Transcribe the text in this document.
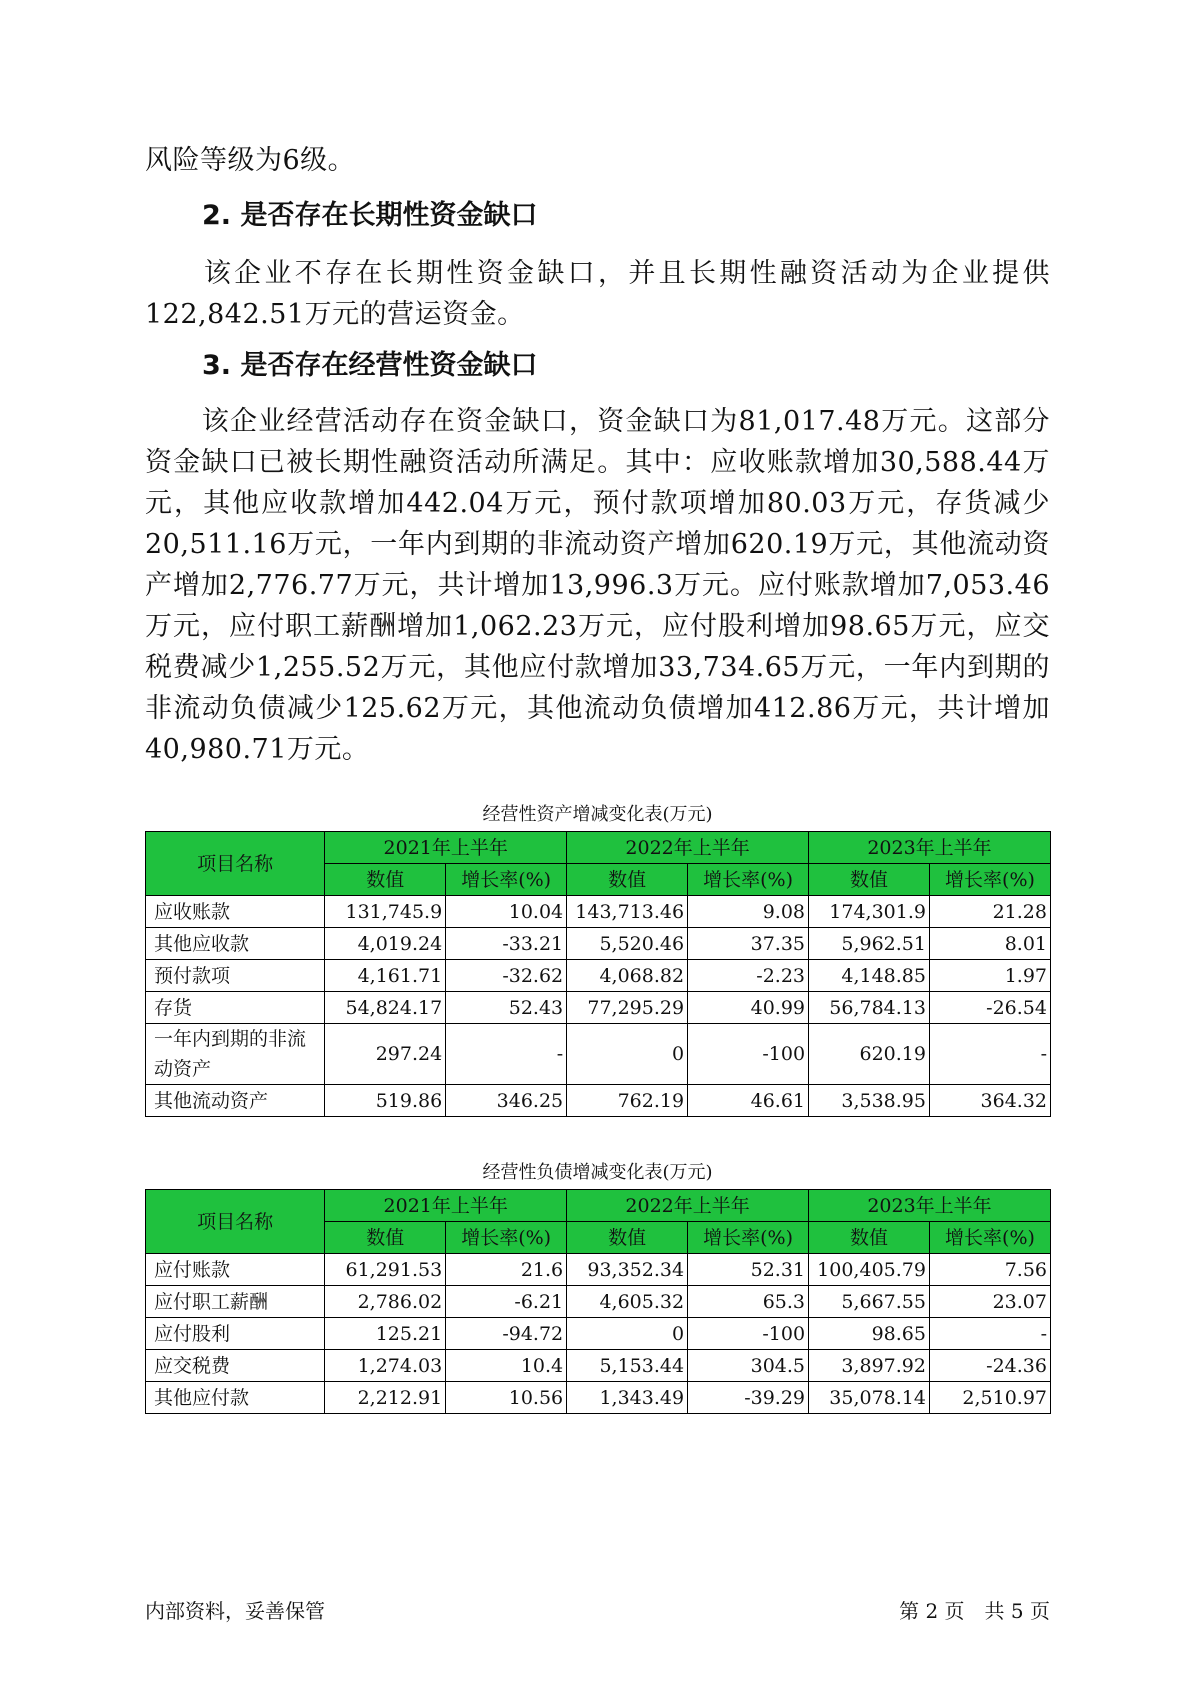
风险等级为6级。

2. 是否存在长期性资金缺口

该企业不存在长期性资金缺口，并且长期性融资活动为企业提供122,842.51万元的营运资金。

3. 是否存在经营性资金缺口

该企业经营活动存在资金缺口，资金缺口为81,017.48万元。这部分资金缺口已被长期性融资活动所满足。其中：应收账款增加30,588.44万元，其他应收款增加442.04万元，预付款项增加80.03万元，存货减少20,511.16万元，一年内到期的非流动资产增加620.19万元，其他流动资产增加2,776.77万元，共计增加13,996.3万元。应付账款增加7,053.46万元，应付职工薪酬增加1,062.23万元，应付股利增加98.65万元，应交税费减少1,255.52万元，其他应付款增加33,734.65万元，一年内到期的非流动负债减少125.62万元，其他流动负债增加412.86万元，共计增加40,980.71万元。

经营性资产增减变化表(万元)

项目名称	2021年上半年		2022年上半年		2023年上半年	
	数值	增长率(%)	数值	增长率(%)	数值	增长率(%)
应收账款	131,745.9	10.04	143,713.46	9.08	174,301.9	21.28
其他应收款	4,019.24	-33.21	5,520.46	37.35	5,962.51	8.01
预付款项	4,161.71	-32.62	4,068.82	-2.23	4,148.85	1.97
存货	54,824.17	52.43	77,295.29	40.99	56,784.13	-26.54
一年内到期的非流动资产	297.24	-	0	-100	620.19	-
其他流动资产	519.86	346.25	762.19	46.61	3,538.95	364.32

经营性负债增减变化表(万元)

项目名称	2021年上半年		2022年上半年		2023年上半年	
	数值	增长率(%)	数值	增长率(%)	数值	增长率(%)
应付账款	61,291.53	21.6	93,352.34	52.31	100,405.79	7.56
应付职工薪酬	2,786.02	-6.21	4,605.32	65.3	5,667.55	23.07
应付股利	125.21	-94.72	0	-100	98.65	-
应交税费	1,274.03	10.4	5,153.44	304.5	3,897.92	-24.36
其他应付款	2,212.91	10.56	1,343.49	-39.29	35,078.14	2,510.97

内部资料，妥善保管	第 2 页　共 5 页
